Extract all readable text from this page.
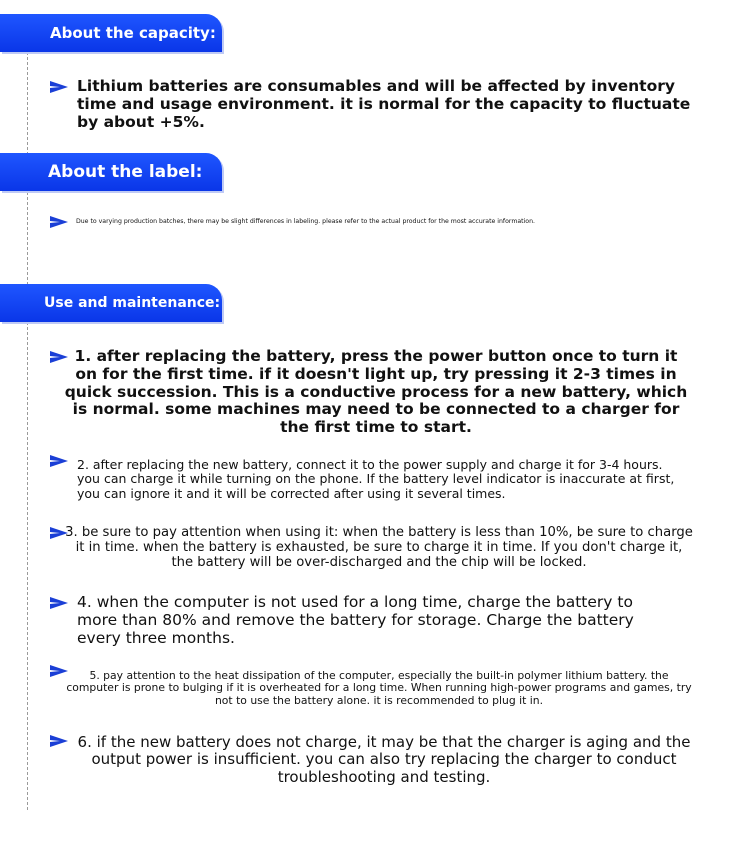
About the capacity:
Lithium batteries are consumables and will be affected by inventory time and usage environment. it is normal for the capacity to fluctuate by about +5%.
About the label:
Due to varying production batches, there may be slight differences in labeling. please refer to the actual product for the most accurate information.
Use and maintenance:
1. after replacing the battery, press the power button once to turn it on for the first time. if it doesn't light up, try pressing it 2-3 times in quick succession. This is a conductive process for a new battery, which is normal. some machines may need to be connected to a charger for the first time to start.
2. after replacing the new battery, connect it to the power supply and charge it for 3-4 hours. you can charge it while turning on the phone. If the battery level indicator is inaccurate at first, you can ignore it and it will be corrected after using it several times.
3. be sure to pay attention when using it: when the battery is less than 10%, be sure to charge it in time. when the battery is exhausted, be sure to charge it in time. If you don't charge it, the battery will be over-discharged and the chip will be locked.
4. when the computer is not used for a long time, charge the battery to more than 80% and remove the battery for storage. Charge the battery every three months.
5. pay attention to the heat dissipation of the computer, especially the built-in polymer lithium battery. the computer is prone to bulging if it is overheated for a long time. When running high-power programs and games, try not to use the battery alone. it is recommended to plug it in.
6. if the new battery does not charge, it may be that the charger is aging and the output power is insufficient. you can also try replacing the charger to conduct troubleshooting and testing.
